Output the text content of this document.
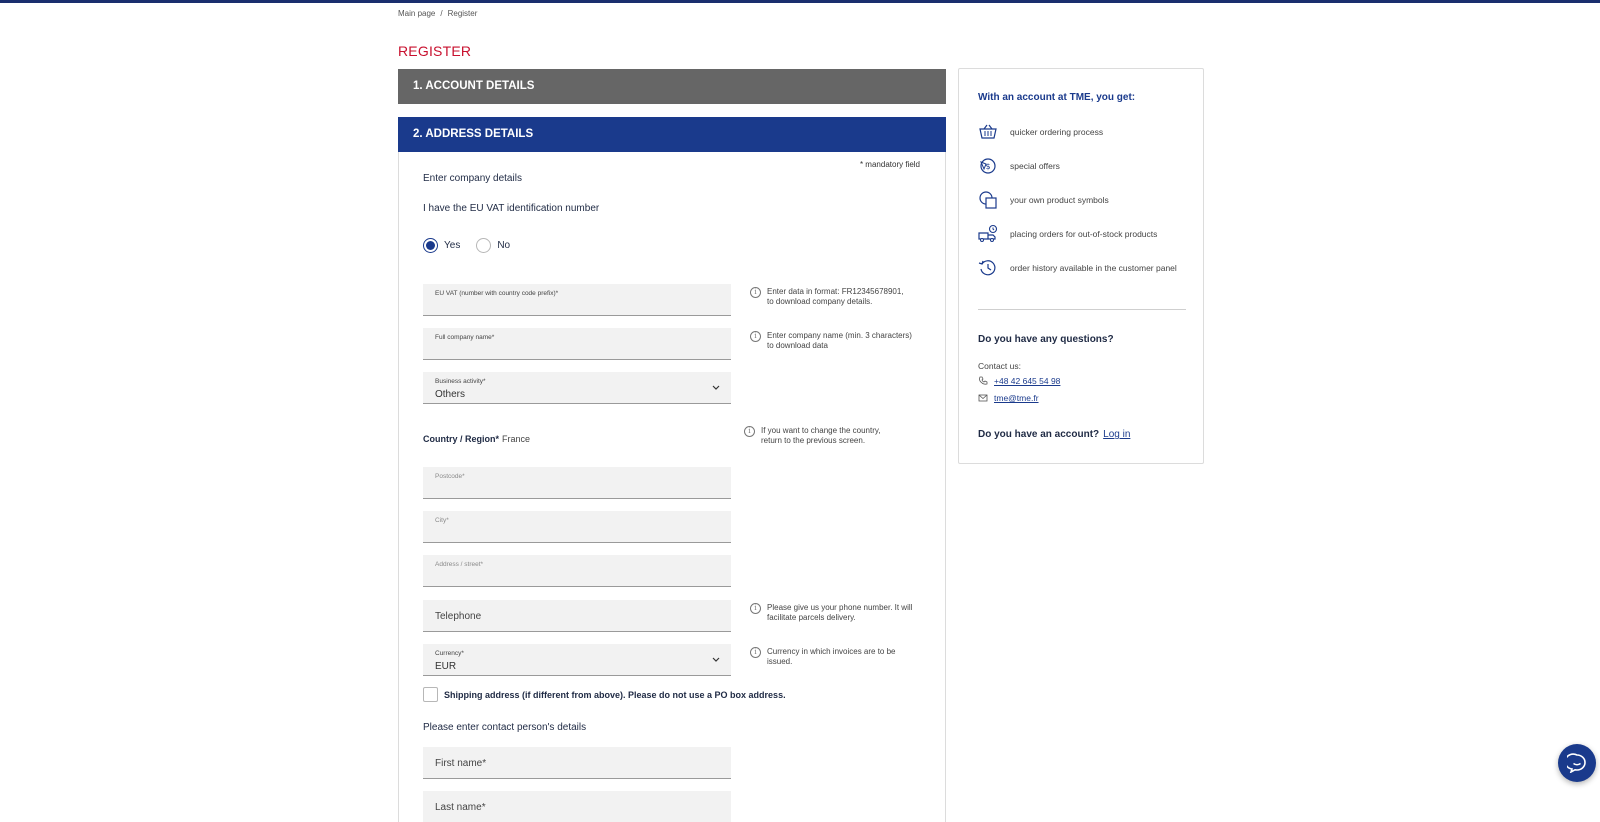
Main page / Register
REGISTER
1. ACCOUNT DETAILS
2. ADDRESS DETAILS
* mandatory field
Enter company details
I have the EU VAT identification number
Yes	No
EU VAT (number with country code prefix)*	i	Enter data in format: FR12345678901,
to download company details.
Full company name*	i	Enter company name (min. 3 characters)
to download data
Business activity*
Others
Country / Region* France
i	If you want to change the country,
return to the previous screen.
Postcode*
City*
Address / street*
Telephone
i	Please give us your phone number. It will
facilitate parcels delivery.
Currency*
EUR
i	Currency in which invoices are to be
issued.
Shipping address (if different from above). Please do not use a PO box address.
Please enter contact person's details
First name*
Last name*
With an account at TME, you get:
quicker ordering process
$ special offers
your own product symbols
placing orders for out-of-stock products
order history available in the customer panel
Do you have any questions?
Contact us:
+48 42 645 54 98
tme@tme.fr
Do you have an account? Log in
